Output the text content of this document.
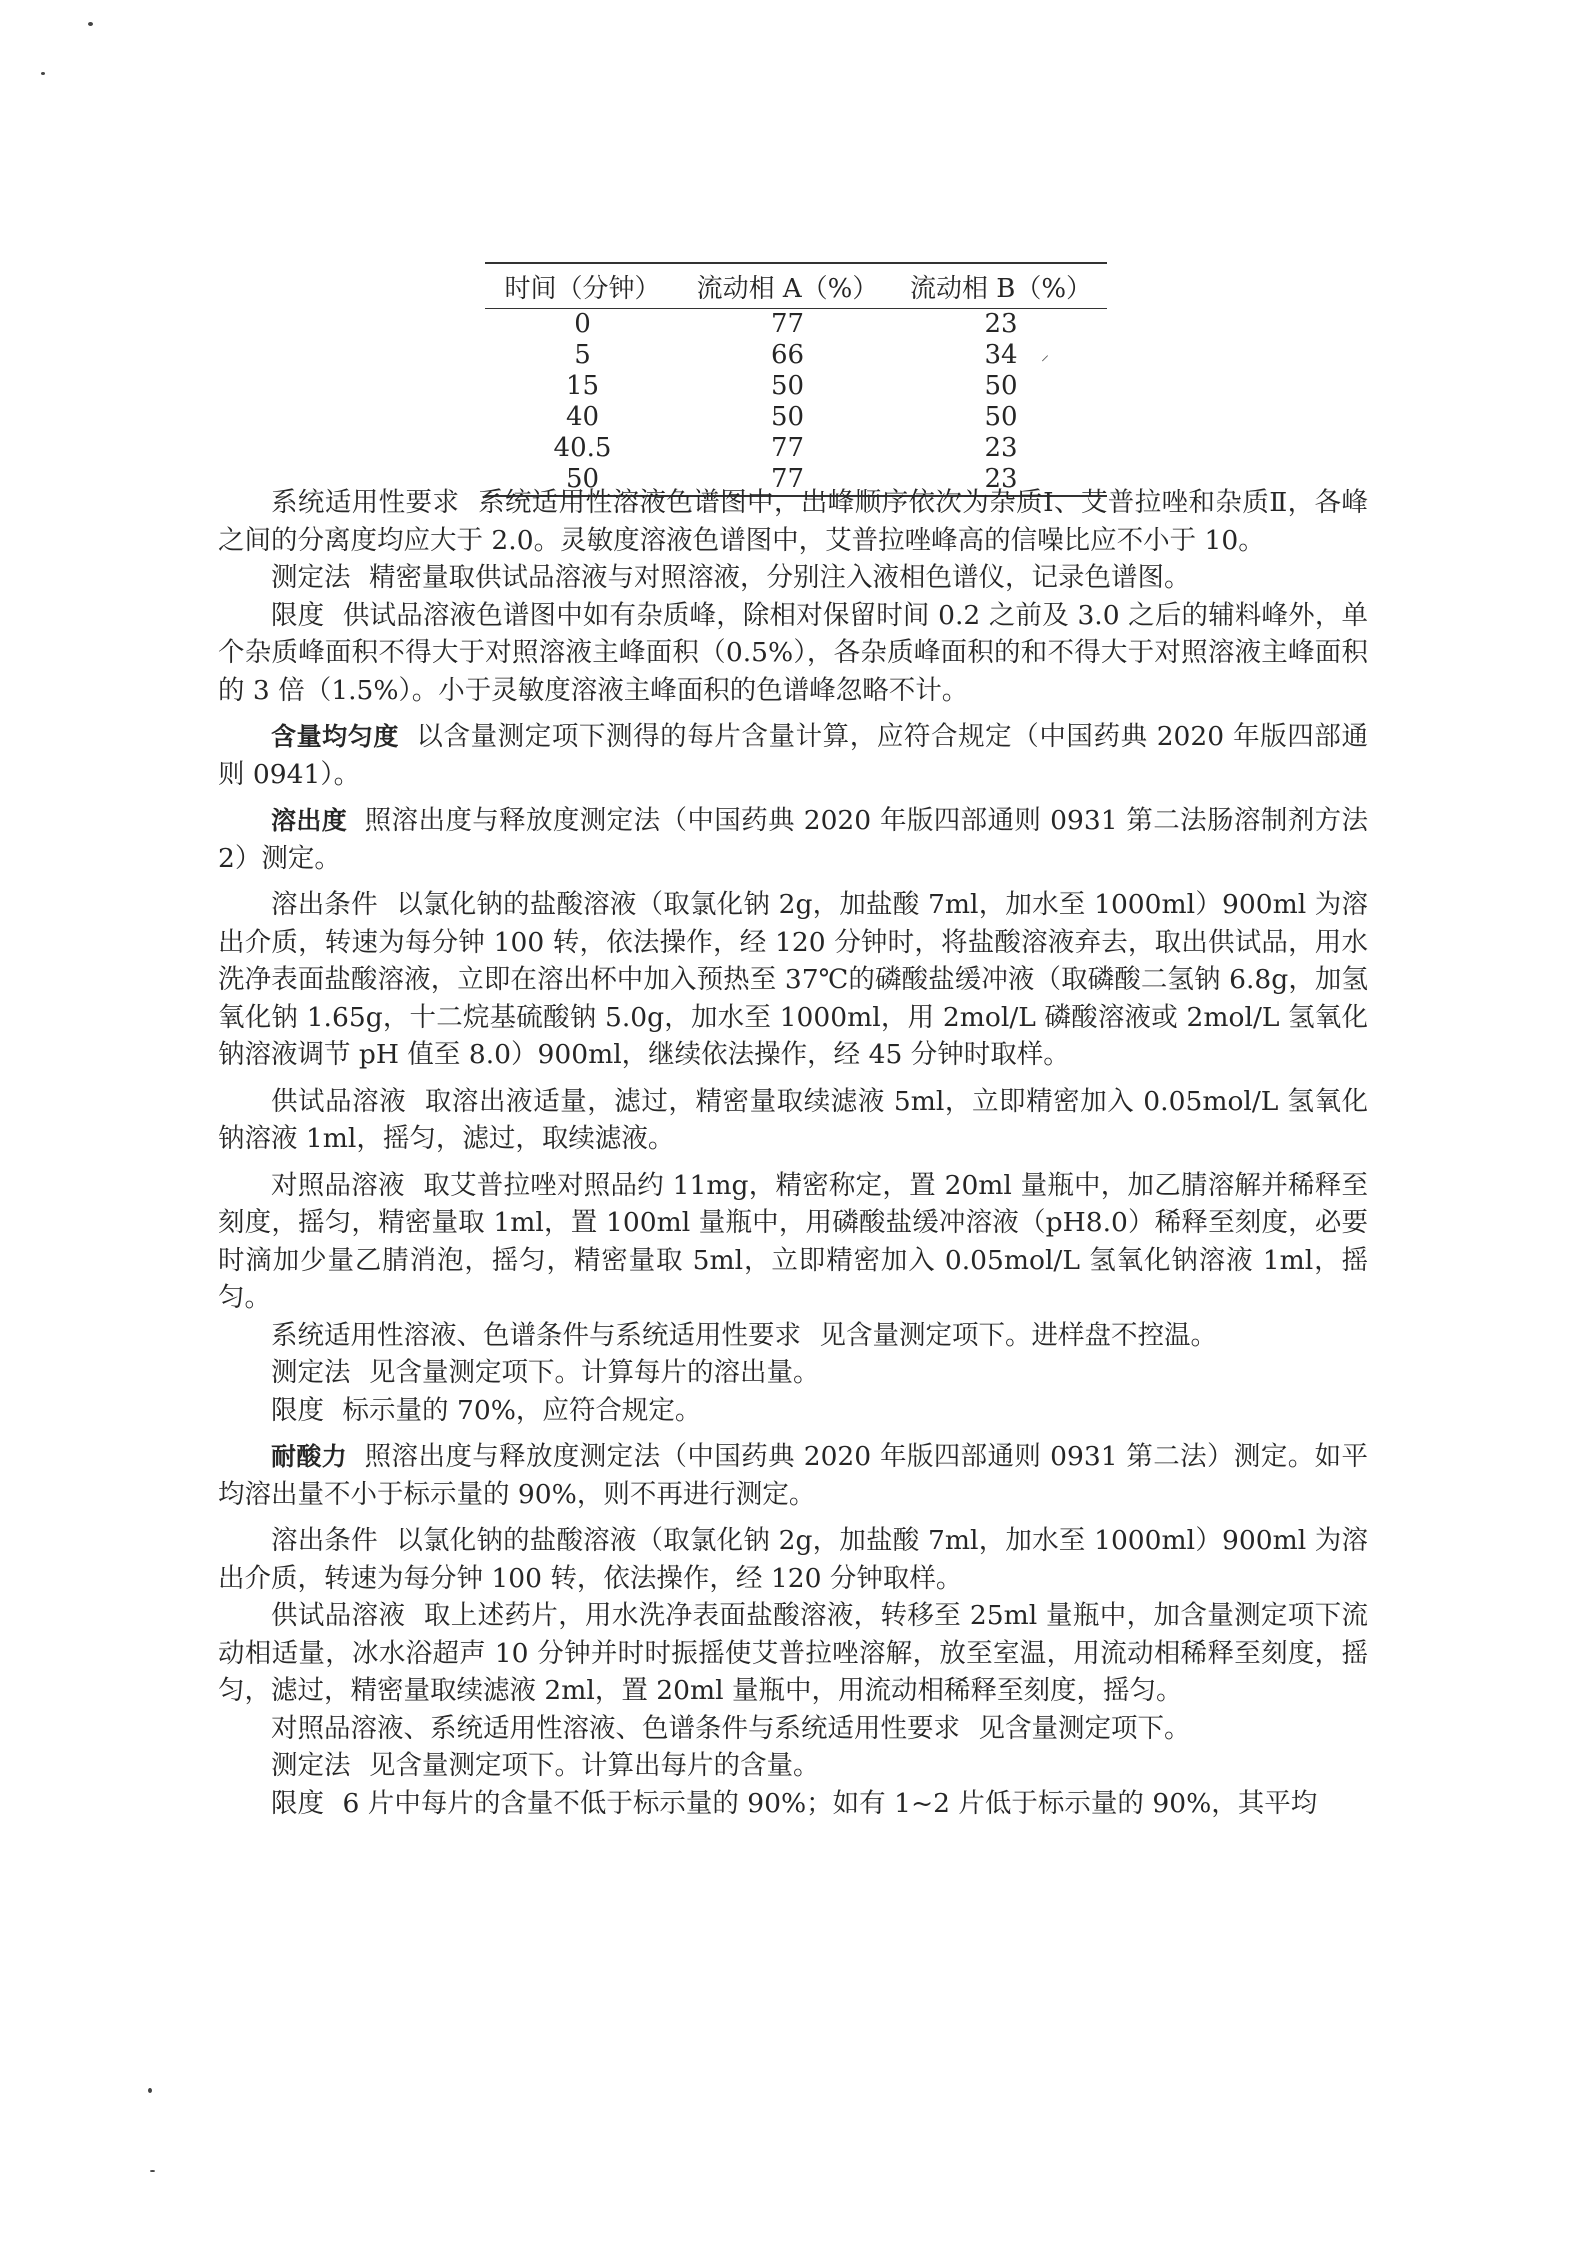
时间（分钟）	流动相 A（%）	流动相 B（%）
0	77	23
5	66	34
15	50	50
40	50	50
40.5	77	23
50	77	23
⸝

系统适用性要求 系统适用性溶液色谱图中，出峰顺序依次为杂质Ⅰ、艾普拉唑和杂质Ⅱ，各峰之间的分离度均应大于 2.0。灵敏度溶液色谱图中，艾普拉唑峰高的信噪比应不小于 10。

测定法 精密量取供试品溶液与对照溶液，分别注入液相色谱仪，记录色谱图。

限度 供试品溶液色谱图中如有杂质峰，除相对保留时间 0.2 之前及 3.0 之后的辅料峰外，单个杂质峰面积不得大于对照溶液主峰面积（0.5%），各杂质峰面积的和不得大于对照溶液主峰面积的 3 倍（1.5%）。小于灵敏度溶液主峰面积的色谱峰忽略不计。

含量均匀度 以含量测定项下测得的每片含量计算，应符合规定（中国药典 2020 年版四部通则 0941）。

溶出度 照溶出度与释放度测定法（中国药典 2020 年版四部通则 0931 第二法肠溶制剂方法 2）测定。

溶出条件 以氯化钠的盐酸溶液（取氯化钠 2g，加盐酸 7ml，加水至 1000ml）900ml 为溶出介质，转速为每分钟 100 转，依法操作，经 120 分钟时，将盐酸溶液弃去，取出供试品，用水洗净表面盐酸溶液，立即在溶出杯中加入预热至 37℃的磷酸盐缓冲液（取磷酸二氢钠 6.8g，加氢氧化钠 1.65g，十二烷基硫酸钠 5.0g，加水至 1000ml，用 2mol/L 磷酸溶液或 2mol/L 氢氧化钠溶液调节 pH 值至 8.0）900ml，继续依法操作，经 45 分钟时取样。

供试品溶液 取溶出液适量，滤过，精密量取续滤液 5ml，立即精密加入 0.05mol/L 氢氧化钠溶液 1ml，摇匀，滤过，取续滤液。

对照品溶液 取艾普拉唑对照品约 11mg，精密称定，置 20ml 量瓶中，加乙腈溶解并稀释至刻度，摇匀，精密量取 1ml，置 100ml 量瓶中，用磷酸盐缓冲溶液（pH8.0）稀释至刻度，必要时滴加少量乙腈消泡，摇匀，精密量取 5ml，立即精密加入 0.05mol/L 氢氧化钠溶液 1ml，摇匀。

系统适用性溶液、色谱条件与系统适用性要求 见含量测定项下。进样盘不控温。

测定法 见含量测定项下。计算每片的溶出量。

限度 标示量的 70%，应符合规定。

耐酸力 照溶出度与释放度测定法（中国药典 2020 年版四部通则 0931 第二法）测定。如平均溶出量不小于标示量的 90%，则不再进行测定。

溶出条件 以氯化钠的盐酸溶液（取氯化钠 2g，加盐酸 7ml，加水至 1000ml）900ml 为溶出介质，转速为每分钟 100 转，依法操作，经 120 分钟取样。

供试品溶液 取上述药片，用水洗净表面盐酸溶液，转移至 25ml 量瓶中，加含量测定项下流动相适量，冰水浴超声 10 分钟并时时振摇使艾普拉唑溶解，放至室温，用流动相稀释至刻度，摇匀，滤过，精密量取续滤液 2ml，置 20ml 量瓶中，用流动相稀释至刻度，摇匀。

对照品溶液、系统适用性溶液、色谱条件与系统适用性要求 见含量测定项下。

测定法 见含量测定项下。计算出每片的含量。

限度 6 片中每片的含量不低于标示量的 90%；如有 1~2 片低于标示量的 90%，其平均
